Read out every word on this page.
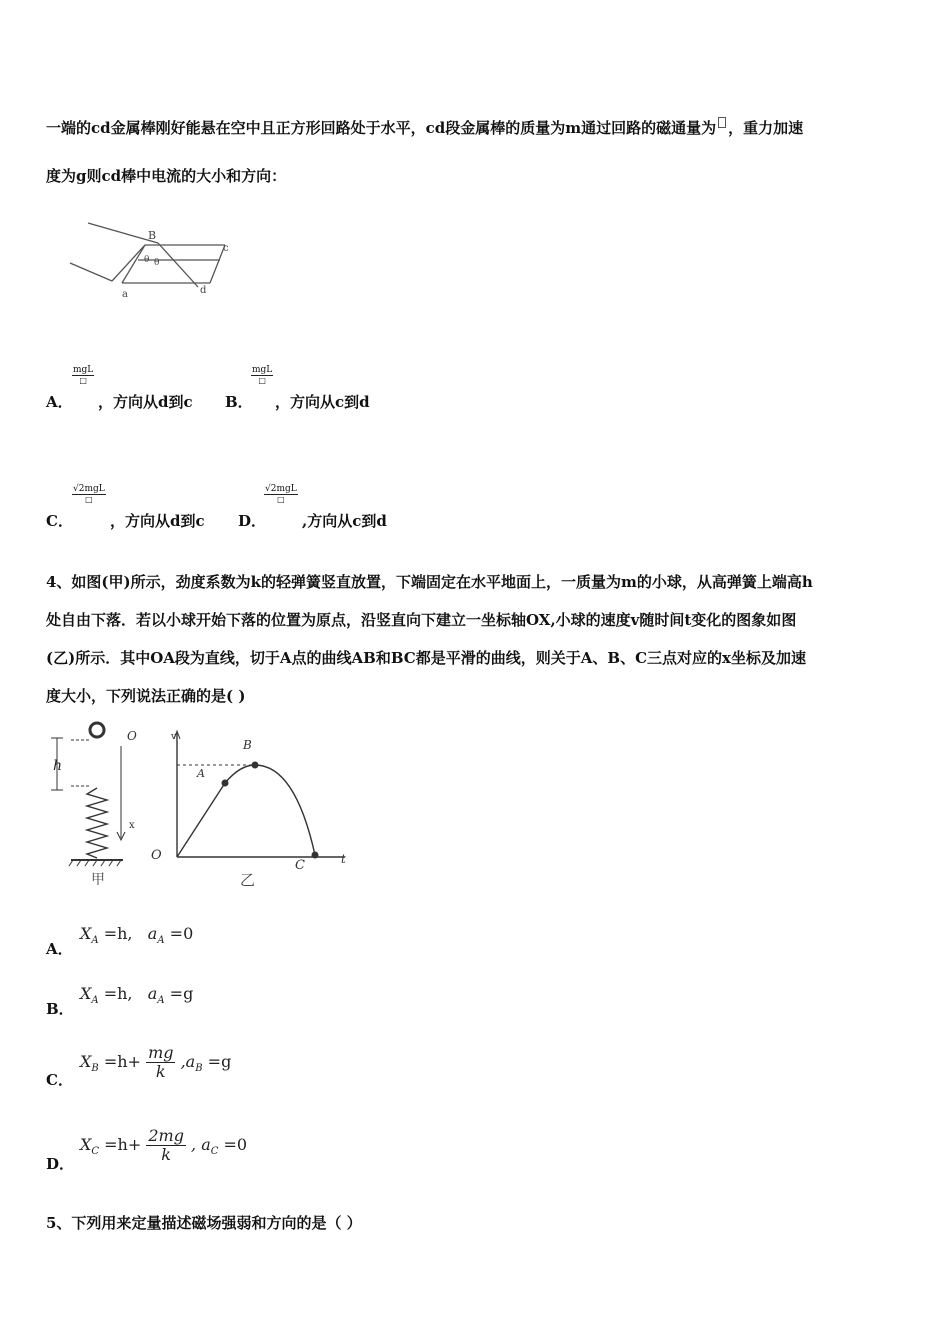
一端的cd金属棒刚好能悬在空中且正方形回路处于水平，cd段金属棒的质量为m通过回路的磁通量为 ，重力加速
度为g则cd棒中电流的大小和方向：
B
θ θ
c
a	d
A．
mgL
□
，方向从d到c B．
mgL
□
，方向从c到d
C．
√2mgL
□
，方向从d到c D．
√2mgL
□
,方向从c到d
4、如图(甲)所示，劲度系数为k的轻弹簧竖直放置，下端固定在水平地面上，一质量为m的小球，从高弹簧上端高h
处自由下落．若以小球开始下落的位置为原点，沿竖直向下建立一坐标轴OX,小球的速度v随时间t变化的图象如图
(乙)所示．其中OA段为直线，切于A点的曲线AB和BC都是平滑的曲线，则关于A、B、C三点对应的x坐标及加速
度大小，下列说法正确的是( )
h
O
x
甲
v
O
A
B
C	t
乙
A．
$X_A =h$, $a_A =0$
B．
$X_A =h$, $a_A =g$
C．
$X_B =h+ \frac{mg}{k} ,a_B =g$
D．
$X_C =h+ \frac{2mg}{k}$ , $a_C =0$
5、下列用来定量描述磁场强弱和方向的是（ ）
